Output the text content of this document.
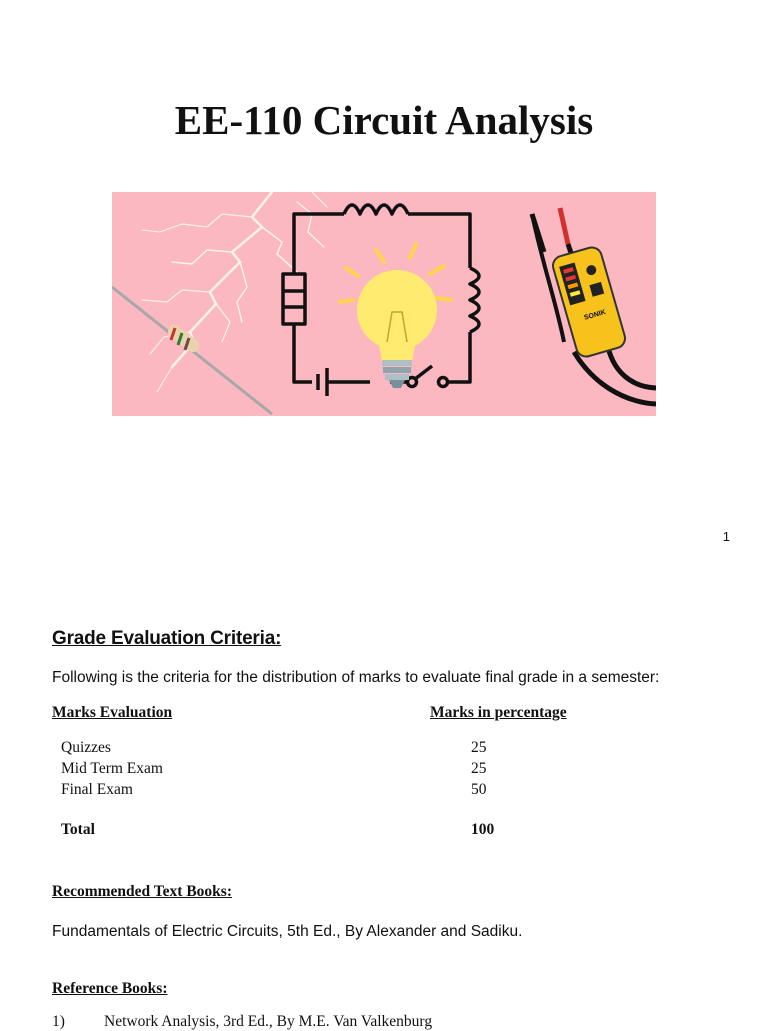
EE-110 Circuit Analysis
SONIK
1
Grade Evaluation Criteria:
Following is the criteria for the distribution of marks to evaluate final grade in a semester:
Marks Evaluation	Marks in percentage
Quizzes	25
Mid Term Exam	25
Final Exam	50
Total	100
Recommended Text Books:
Fundamentals of Electric Circuits, 5th Ed., By Alexander and Sadiku.
Reference Books:
1)	Network Analysis, 3rd Ed., By M.E. Van Valkenburg
